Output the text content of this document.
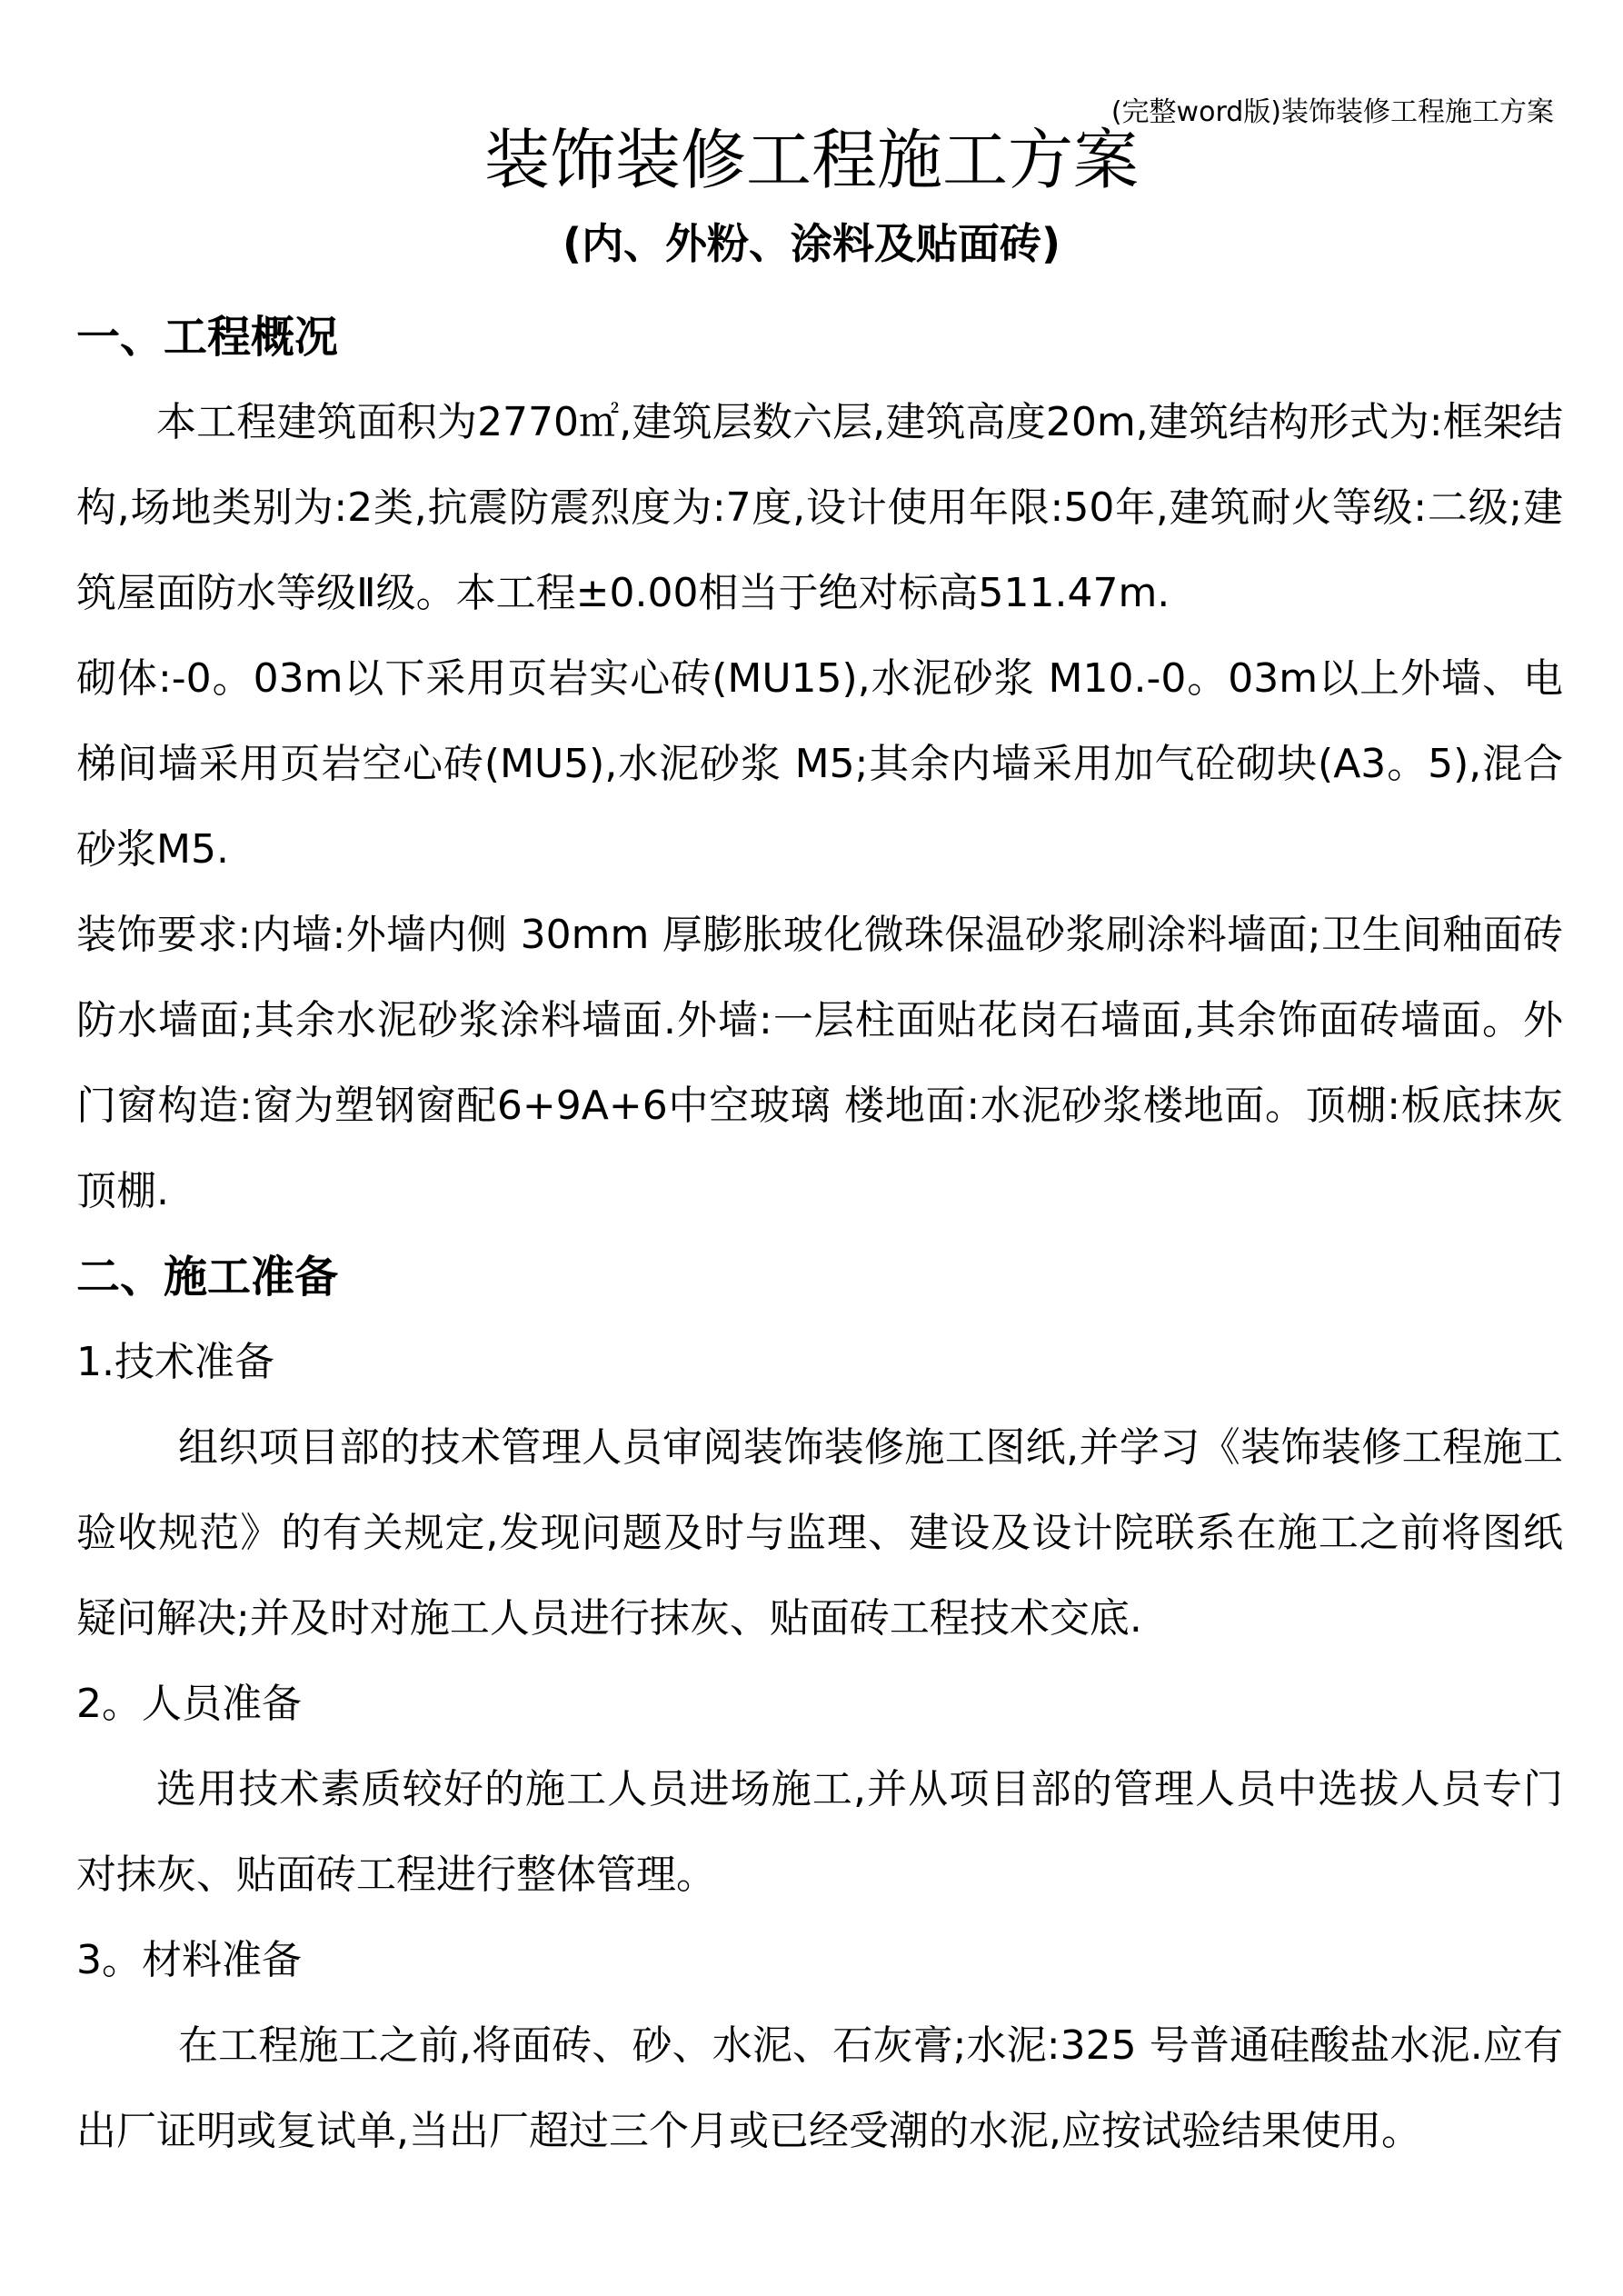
(完整word版)装饰装修工程施工方案
装饰装修工程施工方案
(内、外粉、涂料及贴面砖)
一、工程概况

本工程建筑面积为2770㎡,建筑层数六层,建筑高度20m,建筑结构形式为:框架结构,场地类别为:2类,抗震防震烈度为:7度,设计使用年限:50年,建筑耐火等级:二级;建筑屋面防水等级Ⅱ级。本工程±0.00相当于绝对标高511.47m.

砌体:-0。03m以下采用页岩实心砖(MU15),水泥砂浆 M10.-0。03m以上外墙、电梯间墙采用页岩空心砖(MU5),水泥砂浆 M5;其余内墙采用加气砼砌块(A3。5),混合砂浆M5.

装饰要求:内墙:外墙内侧 30mm 厚膨胀玻化微珠保温砂浆刷涂料墙面;卫生间釉面砖防水墙面;其余水泥砂浆涂料墙面.外墙:一层柱面贴花岗石墙面,其余饰面砖墙面。外门窗构造:窗为塑钢窗配6+9A+6中空玻璃 楼地面:水泥砂浆楼地面。顶棚:板底抹灰顶棚.

二、施工准备
1.技术准备

组织项目部的技术管理人员审阅装饰装修施工图纸,并学习《装饰装修工程施工验收规范》的有关规定,发现问题及时与监理、建设及设计院联系在施工之前将图纸疑问解决;并及时对施工人员进行抹灰、贴面砖工程技术交底.

2。人员准备

选用技术素质较好的施工人员进场施工,并从项目部的管理人员中选拔人员专门对抹灰、贴面砖工程进行整体管理。

3。材料准备

在工程施工之前,将面砖、砂、水泥、石灰膏;水泥:325 号普通硅酸盐水泥.应有出厂证明或复试单,当出厂超过三个月或已经受潮的水泥,应按试验结果使用。
